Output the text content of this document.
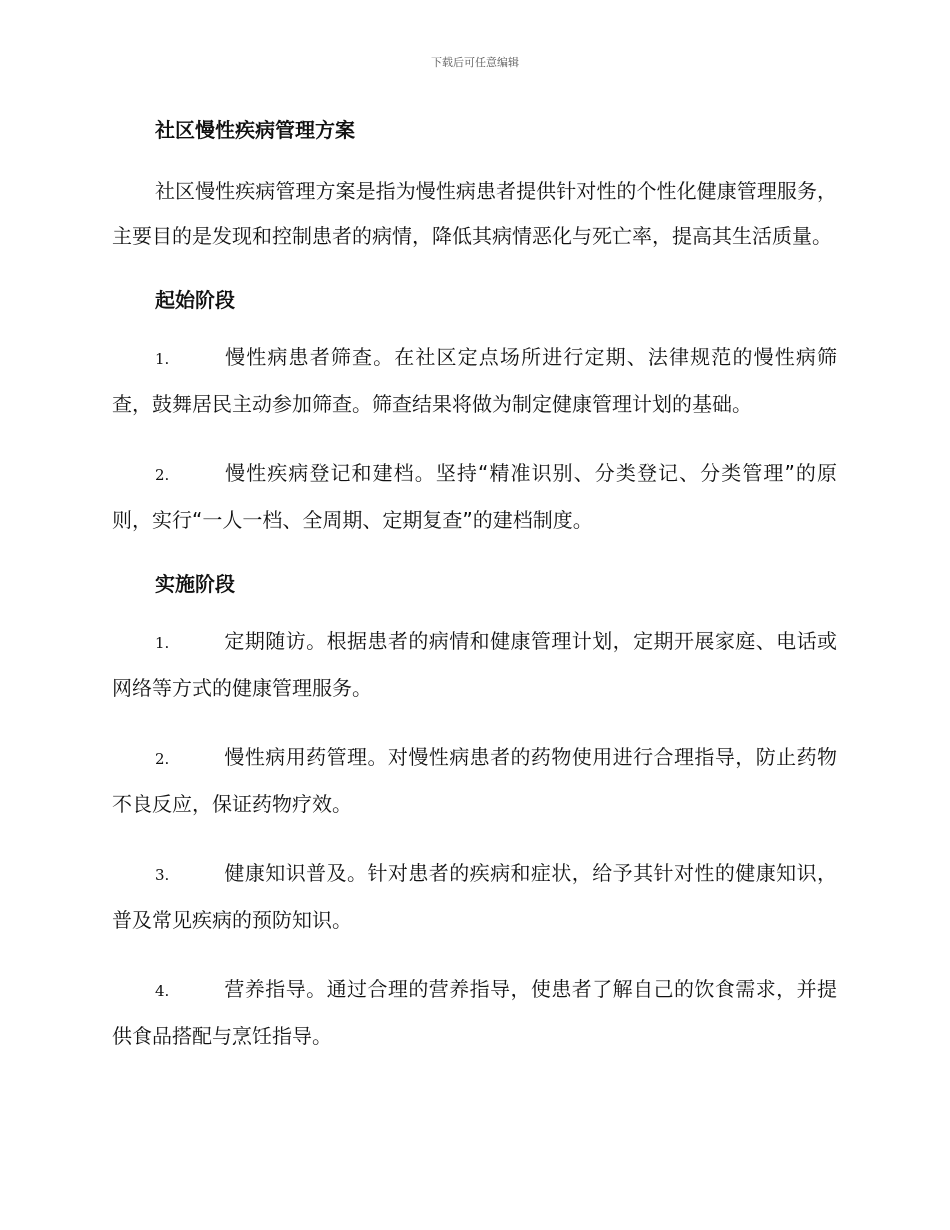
下载后可任意编辑
社区慢性疾病管理方案

社区慢性疾病管理方案是指为慢性病患者提供针对性的个性化健康管理服务，主要目的是发现和控制患者的病情，降低其病情恶化与死亡率，提高其生活质量。

起始阶段

1.	慢性病患者筛查。在社区定点场所进行定期、法律规范的慢性病筛查，鼓舞居民主动参加筛查。筛查结果将做为制定健康管理计划的基础。

2.	慢性疾病登记和建档。坚持“精准识别、分类登记、分类管理”的原则，实行“一人一档、全周期、定期复查”的建档制度。

实施阶段

1.	定期随访。根据患者的病情和健康管理计划，定期开展家庭、电话或网络等方式的健康管理服务。

2.	慢性病用药管理。对慢性病患者的药物使用进行合理指导，防止药物不良反应，保证药物疗效。

3.	健康知识普及。针对患者的疾病和症状，给予其针对性的健康知识，普及常见疾病的预防知识。

4.	营养指导。通过合理的营养指导，使患者了解自己的饮食需求，并提供食品搭配与烹饪指导。
